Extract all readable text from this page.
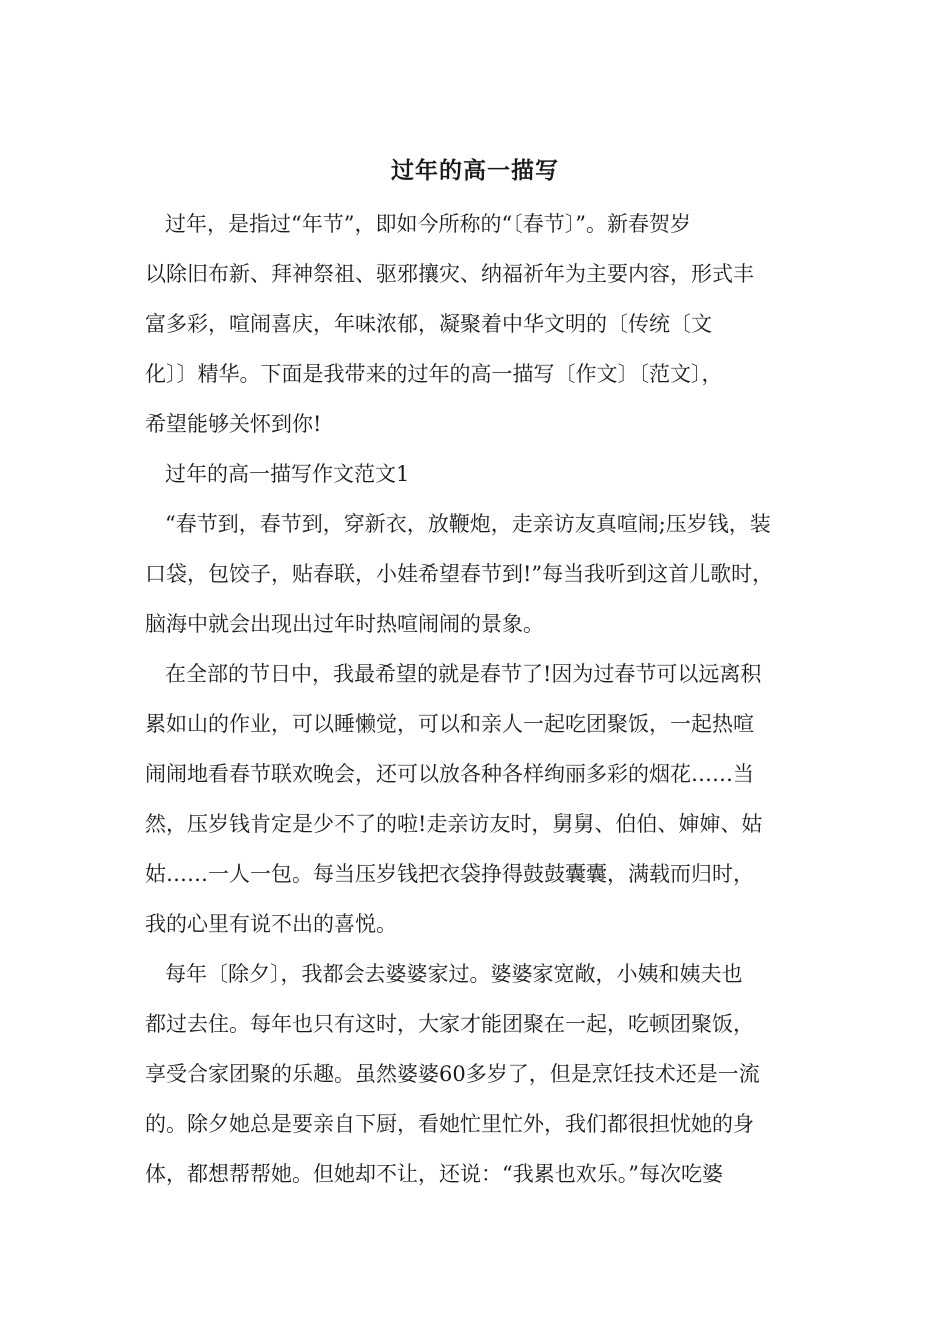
过年的高一描写
过年，是指过“年节”，即如今所称的“〔春节〕”。新春贺岁
以除旧布新、拜神祭祖、驱邪攘灾、纳福祈年为主要内容，形式丰
富多彩，喧闹喜庆，年味浓郁，凝聚着中华文明的〔传统〔文
化〕〕精华。下面是我带来的过年的高一描写〔作文〕〔范文〕，
希望能够关怀到你!
过年的高一描写作文范文1
“春节到，春节到，穿新衣，放鞭炮，走亲访友真喧闹;压岁钱，装
口袋，包饺子，贴春联，小娃希望春节到!”每当我听到这首儿歌时，
脑海中就会出现出过年时热喧闹闹的景象。
在全部的节日中，我最希望的就是春节了!因为过春节可以远离积
累如山的作业，可以睡懒觉，可以和亲人一起吃团聚饭，一起热喧
闹闹地看春节联欢晚会，还可以放各种各样绚丽多彩的烟花……当
然，压岁钱肯定是少不了的啦!走亲访友时，舅舅、伯伯、婶婶、姑
姑……一人一包。每当压岁钱把衣袋挣得鼓鼓囊囊，满载而归时，
我的心里有说不出的喜悦。
每年〔除夕〕，我都会去婆婆家过。婆婆家宽敞，小姨和姨夫也
都过去住。每年也只有这时，大家才能团聚在一起，吃顿团聚饭，
享受合家团聚的乐趣。虽然婆婆60多岁了，但是烹饪技术还是一流
的。除夕她总是要亲自下厨，看她忙里忙外，我们都很担忧她的身
体，都想帮帮她。但她却不让，还说：“我累也欢乐。”每次吃婆
